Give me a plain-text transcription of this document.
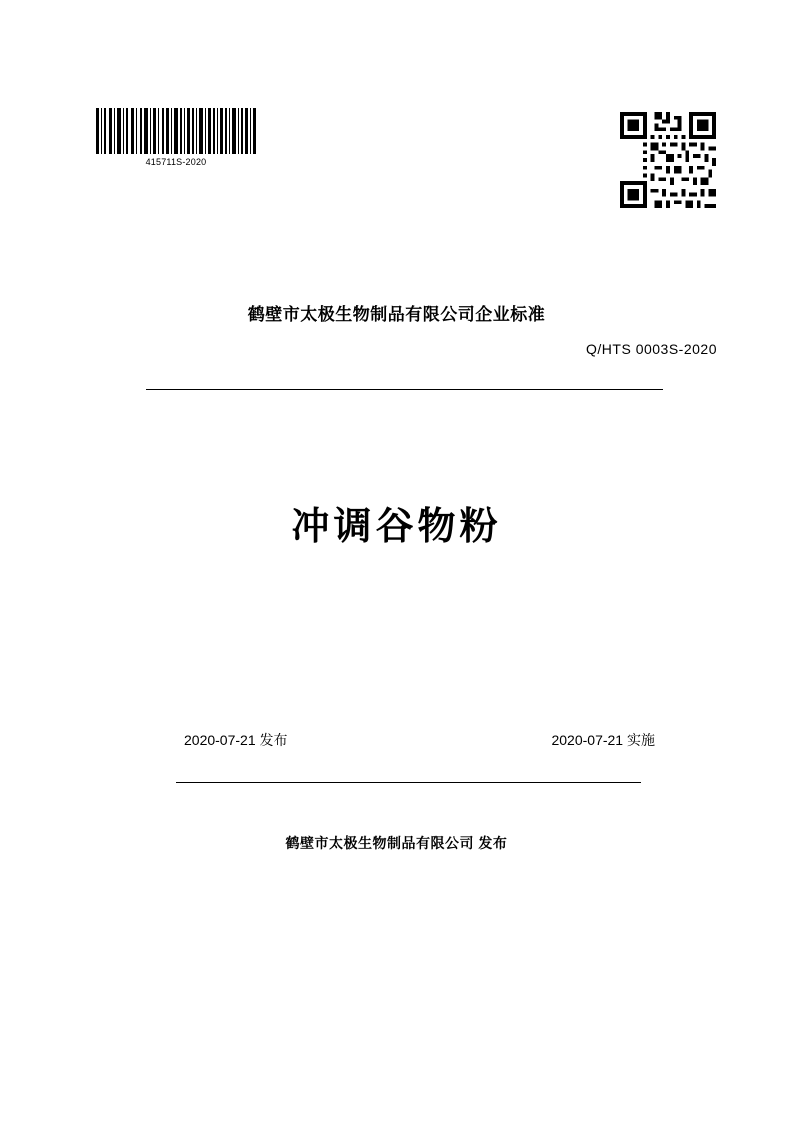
415711S-2020
鹤壁市太极生物制品有限公司企业标准
Q/HTS 0003S-2020
冲调谷物粉
2020-07-21 发布	2020-07-21 实施
鹤壁市太极生物制品有限公司 发布
